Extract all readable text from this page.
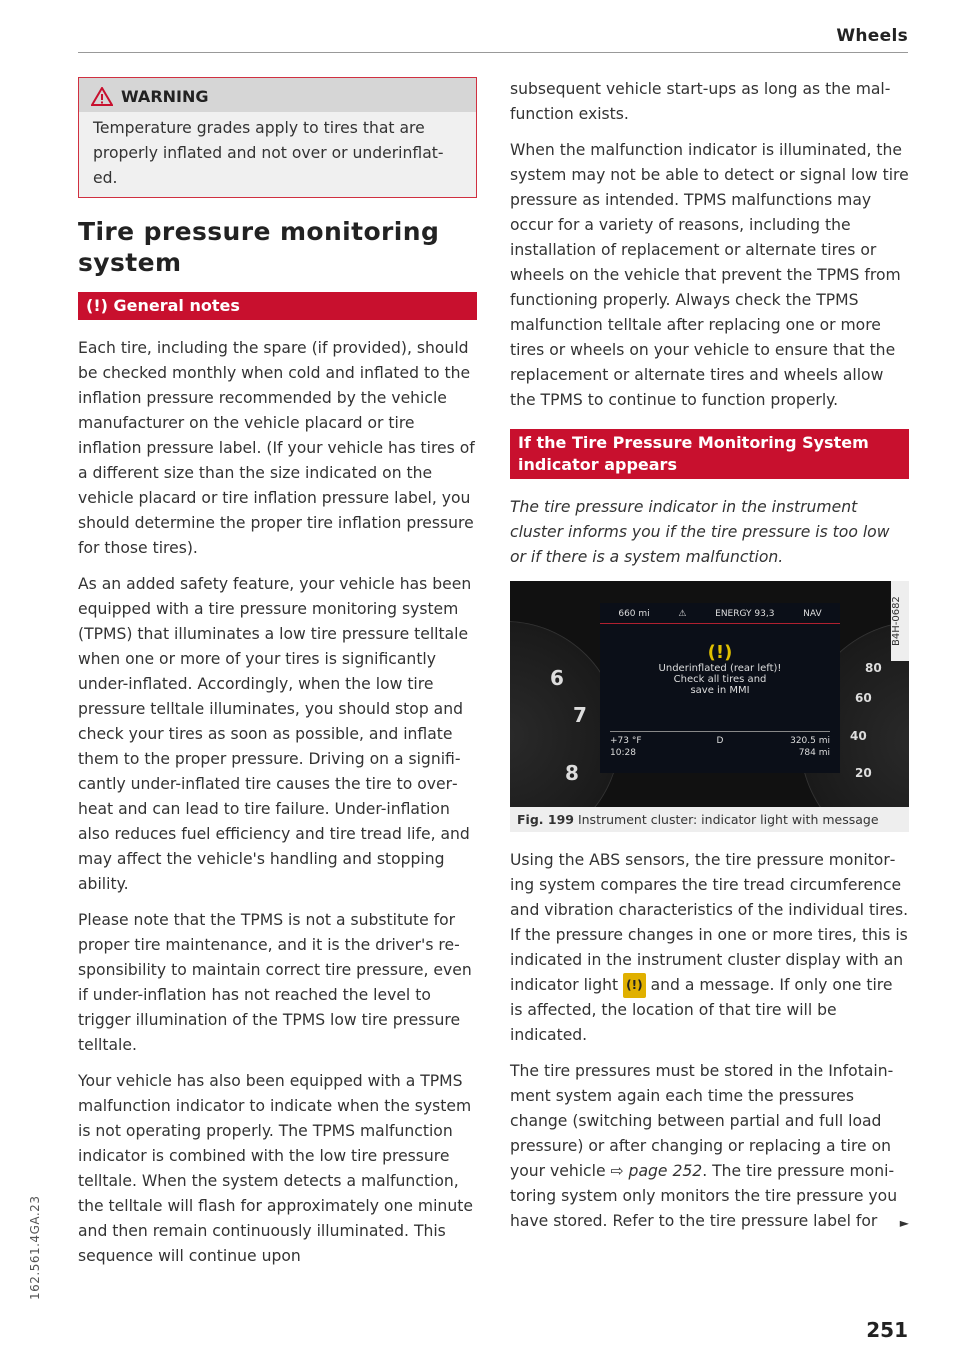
Wheels
WARNING
Temperature grades apply to tires that are properly inflated and not over or underinflated.
Tire pressure monitoring system
(!) General notes

Each tire, including the spare (if provided), should be checked monthly when cold and inflated to the inflation pressure recommended by the vehicle manufacturer on the vehicle placard or tire inflation pressure label. (If your vehicle has tires of a different size than the size indicated on the vehicle placard or tire inflation pressure label, you should determine the proper tire inflation pressure for those tires).

As an added safety feature, your vehicle has been equipped with a tire pressure monitoring system (TPMS) that illuminates a low tire pressure telltale when one or more of your tires is significantly under-inflated. Accordingly, when the low tire pressure telltale illuminates, you should stop and check your tires as soon as possible, and inflate them to the proper pressure. Driving on a significantly under-inflated tire causes the tire to overheat and can lead to tire failure. Under-inflation also reduces fuel efficiency and tire tread life, and may affect the vehicle's handling and stopping ability.

Please note that the TPMS is not a substitute for proper tire maintenance, and it is the driver's responsibility to maintain correct tire pressure, even if under-inflation has not reached the level to trigger illumination of the TPMS low tire pressure telltale.

Your vehicle has also been equipped with a TPMS malfunction indicator to indicate when the system is not operating properly. The TPMS malfunction indicator is combined with the low tire pressure telltale. When the system detects a malfunction, the telltale will flash for approximately one minute and then remain continuously illuminated. This sequence will continue upon

subsequent vehicle start-ups as long as the malfunction exists.

When the malfunction indicator is illuminated, the system may not be able to detect or signal low tire pressure as intended. TPMS malfunctions may occur for a variety of reasons, including the installation of replacement or alternate tires or wheels on the vehicle that prevent the TPMS from functioning properly. Always check the TPMS malfunction telltale after replacing one or more tires or wheels on your vehicle to ensure that the replacement or alternate tires and wheels allow the TPMS to continue to function properly.

If the Tire Pressure Monitoring System indicator appears

The tire pressure indicator in the instrument cluster informs you if the tire pressure is too low or if there is a system malfunction.

6
7
8
80
60
40
20
660 mi	⚠	ENERGY 93,3	NAV
(!)
Underinflated (rear left)!
Check all tires and
save in MMI
+73 °F	D	320.5 mi
10:28	784 mi
B4H-0682
Fig. 199 Instrument cluster: indicator light with message

Using the ABS sensors, the tire pressure monitoring system compares the tire tread circumference and vibration characteristics of the individual tires. If the pressure changes in one or more tires, this is indicated in the instrument cluster display with an indicator light (!) and a message. If only one tire is affected, the location of that tire will be indicated.

The tire pressures must be stored in the Infotainment system again each time the pressures change (switching between partial and full load pressure) or after changing or replacing a tire on your vehicle ⇨ page 252. The tire pressure monitoring system only monitors the tire pressure you have stored. Refer to the tire pressure label for ►

162.561.4GA.23
251
